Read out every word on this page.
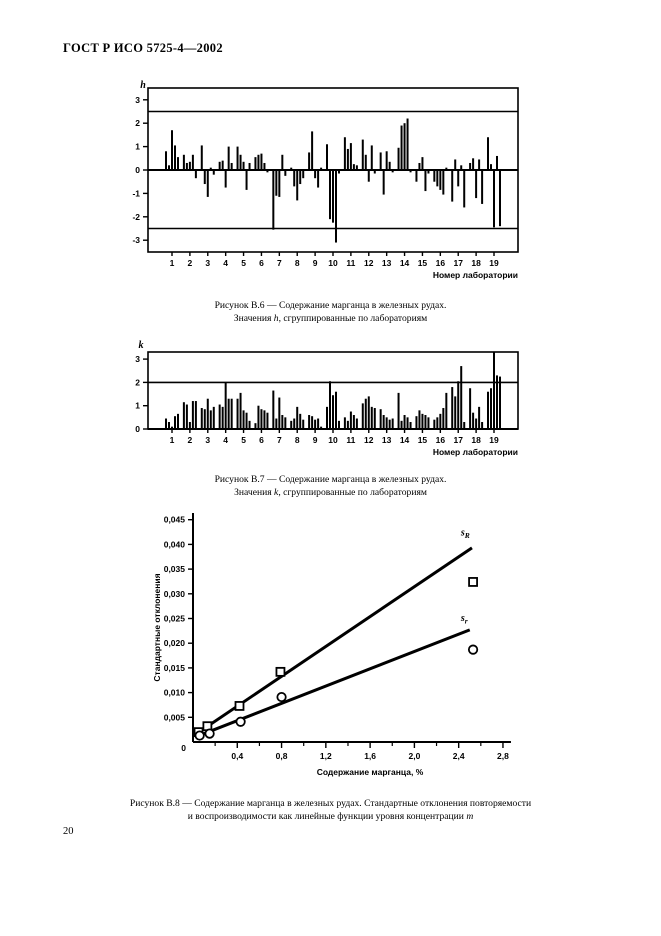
ГОСТ Р ИСО 5725-4—2002
3
2
1
0
-1
-2
-3
h
1 2 3 4 5 6 7 8 9 10 11 12 13 14 15 16 17 18 19
Номер лаборатории
Рисунок В.6 — Содержание марганца в железных рудах.
Значения h, сгруппированные по лабораториям
0
1
2
3
k
1 2 3 4 5 6 7 8 9 10 11 12 13 14 15 16 17 18 19
Номер лаборатории
Рисунок В.7 — Содержание марганца в железных рудах.
Значения k, сгруппированные по лабораториям
0,005
0,010
0,015
0,020
0,025
0,030
0,035
0,040
0,045
0
0,4	0,8	1,2	1,6	2,0	2,4	2,8
Содержание марганца, %
Стандартные отклонения
$s_R$
$s_r$
Рисунок В.8 — Содержание марганца в железных рудах. Стандартные отклонения повторяемости
и воспроизводимости как линейные функции уровня концентрации m
20
